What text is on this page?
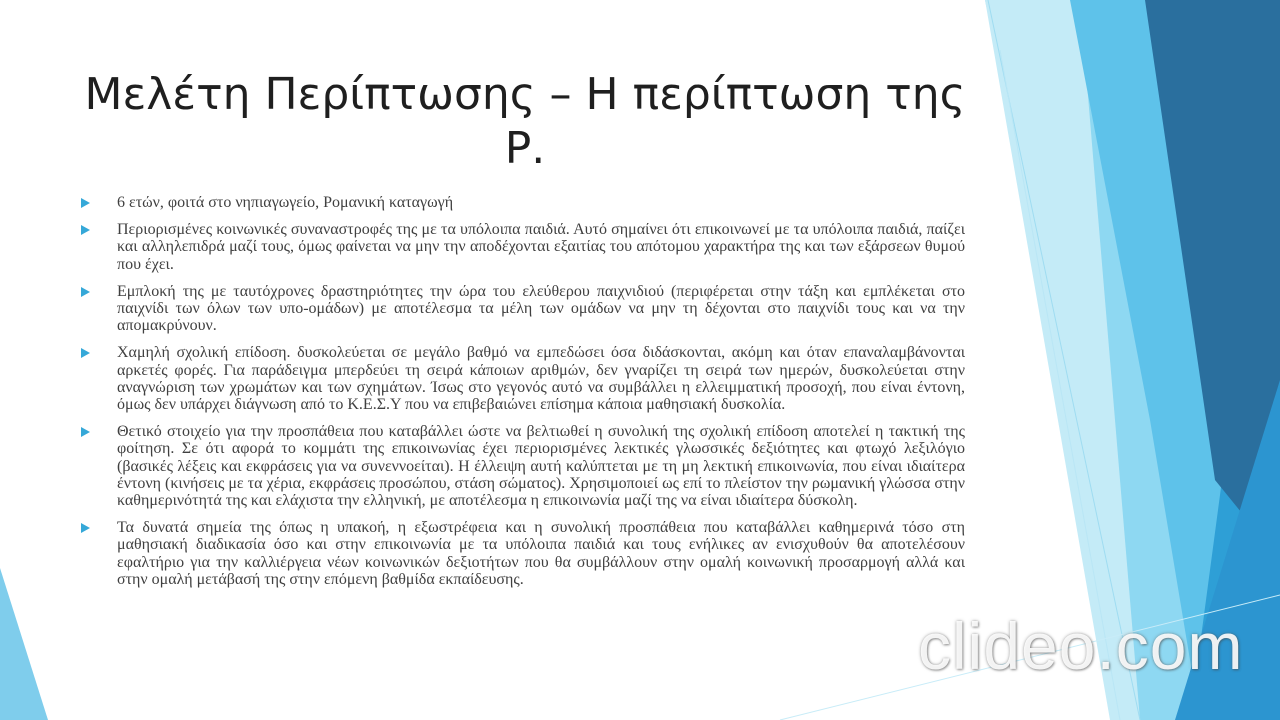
Μελέτη Περίπτωσης – Η περίπτωση της Ρ.
6 ετών, φοιτά στο νηπιαγωγείο, Ρομανική καταγωγή
Περιορισμένες κοινωνικές συναναστροφές της με τα υπόλοιπα παιδιά. Αυτό σημαίνει ότι επικοινωνεί με τα υπόλοιπα παιδιά, παίζει και αλληλεπιδρά μαζί τους, όμως φαίνεται να μην την αποδέχονται εξαιτίας του απότομου χαρακτήρα της και των εξάρσεων θυμού που έχει.
Εμπλοκή της με ταυτόχρονες δραστηριότητες την ώρα του ελεύθερου παιχνιδιού (περιφέρεται στην τάξη και εμπλέκεται στο παιχνίδι των όλων των υπο-ομάδων) με αποτέλεσμα τα μέλη των ομάδων να μην τη δέχονται στο παιχνίδι τους και να την απομακρύνουν.
Χαμηλή σχολική επίδοση. δυσκολεύεται σε μεγάλο βαθμό να εμπεδώσει όσα διδάσκονται, ακόμη και όταν επαναλαμβάνονται αρκετές φορές. Για παράδειγμα μπερδεύει τη σειρά κάποιων αριθμών, δεν γναρίζει τη σειρά των ημερών, δυσκολεύεται στην αναγνώριση των χρωμάτων και των σχημάτων. Ίσως στο γεγονός αυτό να συμβάλλει η ελλειμματική προσοχή, που είναι έντονη, όμως δεν υπάρχει διάγνωση από το Κ.Ε.Σ.Υ που να επιβεβαιώνει επίσημα κάποια μαθησιακή δυσκολία.
Θετικό στοιχείο για την προσπάθεια που καταβάλλει ώστε να βελτιωθεί η συνολική της σχολική επίδοση αποτελεί η τακτική της φοίτηση. Σε ότι αφορά το κομμάτι της επικοινωνίας έχει περιορισμένες λεκτικές γλωσσικές δεξιότητες και φτωχό λεξιλόγιο (βασικές λέξεις και εκφράσεις για να συνεννοείται). Η έλλειψη αυτή καλύπτεται με τη μη λεκτική επικοινωνία, που είναι ιδιαίτερα έντονη (κινήσεις με τα χέρια, εκφράσεις προσώπου, στάση σώματος). Χρησιμοποιεί ως επί το πλείστον την ρωμανική γλώσσα στην καθημερινότητά της και ελάχιστα την ελληνική, με αποτέλεσμα η επικοινωνία μαζί της να είναι ιδιαίτερα δύσκολη.
Τα δυνατά σημεία της όπως η υπακοή, η εξωστρέφεια και η συνολική προσπάθεια που καταβάλλει καθημερινά τόσο στη μαθησιακή διαδικασία όσο και στην επικοινωνία με τα υπόλοιπα παιδιά και τους ενήλικες αν ενισχυθούν θα αποτελέσουν εφαλτήριο για την καλλιέργεια νέων κοινωνικών δεξιοτήτων που θα συμβάλλουν στην ομαλή κοινωνική προσαρμογή αλλά και στην ομαλή μετάβασή της στην επόμενη βαθμίδα εκπαίδευσης.
clideo.com
